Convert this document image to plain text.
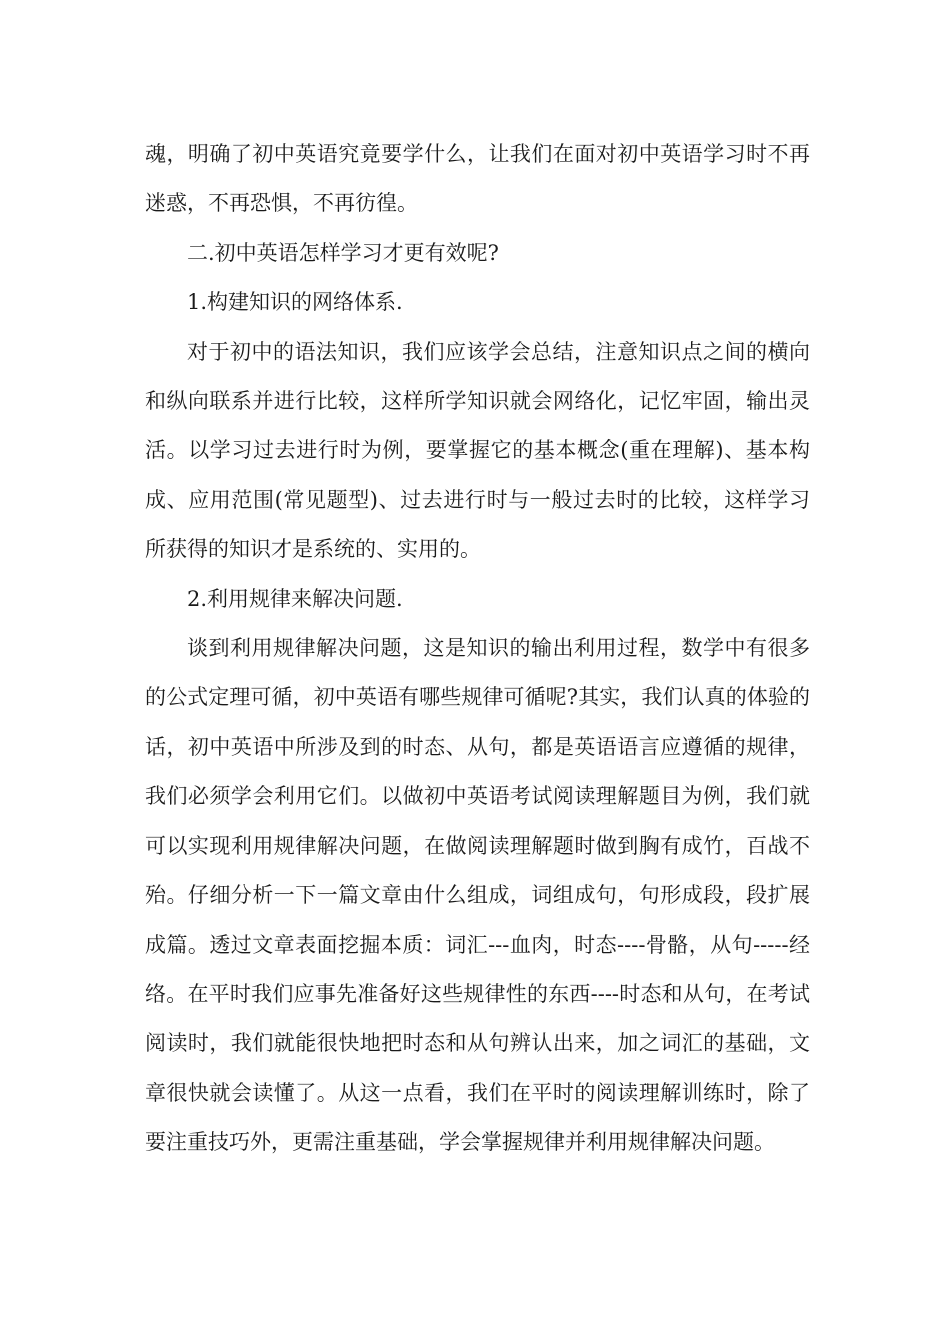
魂，明确了初中英语究竟要学什么，让我们在面对初中英语学习时不再迷惑，不再恐惧，不再彷徨。

二.初中英语怎样学习才更有效呢?

1.构建知识的网络体系.

对于初中的语法知识，我们应该学会总结，注意知识点之间的横向和纵向联系并进行比较，这样所学知识就会网络化，记忆牢固，输出灵活。以学习过去进行时为例，要掌握它的基本概念(重在理解)、基本构成、应用范围(常见题型)、过去进行时与一般过去时的比较，这样学习所获得的知识才是系统的、实用的。

2.利用规律来解决问题.

谈到利用规律解决问题，这是知识的输出利用过程，数学中有很多的公式定理可循，初中英语有哪些规律可循呢?其实，我们认真的体验的话，初中英语中所涉及到的时态、从句，都是英语语言应遵循的规律，我们必须学会利用它们。以做初中英语考试阅读理解题目为例，我们就可以实现利用规律解决问题，在做阅读理解题时做到胸有成竹，百战不殆。仔细分析一下一篇文章由什么组成，词组成句，句形成段，段扩展成篇。透过文章表面挖掘本质：词汇---血肉，时态----骨骼，从句-----经络。在平时我们应事先准备好这些规律性的东西----时态和从句，在考试阅读时，我们就能很快地把时态和从句辨认出来，加之词汇的基础，文章很快就会读懂了。从这一点看，我们在平时的阅读理解训练时，除了要注重技巧外，更需注重基础，学会掌握规律并利用规律解决问题。
